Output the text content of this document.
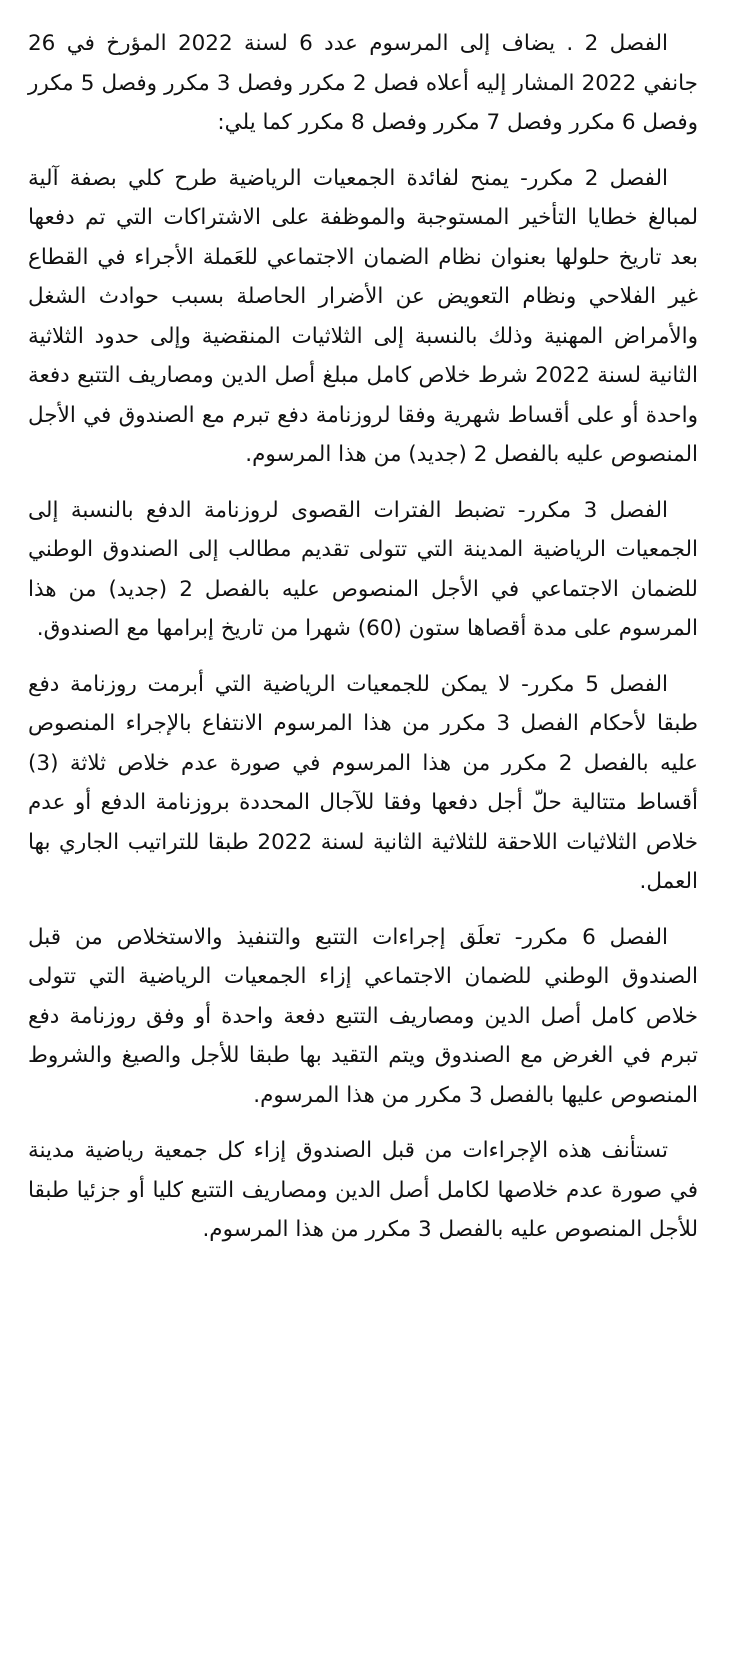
الفصل 2 . يضاف إلى المرسوم عدد 6 لسنة 2022 المؤرخ في 26 جانفي 2022 المشار إليه أعلاه فصل 2 مكرر وفصل 3 مكرر وفصل 5 مكرر وفصل 6 مكرر وفصل 7 مكرر وفصل 8 مكرر كما يلي:

الفصل 2 مكرر- يمنح لفائدة الجمعيات الرياضية طرح كلي بصفة آلية لمبالغ خطايا التأخير المستوجبة والموظفة على الاشتراكات التي تم دفعها بعد تاريخ حلولها بعنوان نظام الضمان الاجتماعي للعَملة الأجراء في القطاع غير الفلاحي ونظام التعويض عن الأضرار الحاصلة بسبب حوادث الشغل والأمراض المهنية وذلك بالنسبة إلى الثلاثيات المنقضية وإلى حدود الثلاثية الثانية لسنة 2022 شرط خلاص كامل مبلغ أصل الدين ومصاريف التتبع دفعة واحدة أو على أقساط شهرية وفقا لروزنامة دفع تبرم مع الصندوق في الأجل المنصوص عليه بالفصل 2 (جديد) من هذا المرسوم.

الفصل 3 مكرر- تضبط الفترات القصوى لروزنامة الدفع بالنسبة إلى الجمعيات الرياضية المدينة التي تتولى تقديم مطالب إلى الصندوق الوطني للضمان الاجتماعي في الأجل المنصوص عليه بالفصل 2 (جديد) من هذا المرسوم على مدة أقصاها ستون (60) شهرا من تاريخ إبرامها مع الصندوق.

الفصل 5 مكرر- لا يمكن للجمعيات الرياضية التي أبرمت روزنامة دفع طبقا لأحكام الفصل 3 مكرر من هذا المرسوم الانتفاع بالإجراء المنصوص عليه بالفصل 2 مكرر من هذا المرسوم في صورة عدم خلاص ثلاثة (3) أقساط متتالية حلّ أجل دفعها وفقا للآجال المحددة بروزنامة الدفع أو عدم خلاص الثلاثيات اللاحقة للثلاثية الثانية لسنة 2022 طبقا للتراتيب الجاري بها العمل.

الفصل 6 مكرر- تعلَق إجراءات التتبع والتنفيذ والاستخلاص من قبل الصندوق الوطني للضمان الاجتماعي إزاء الجمعيات الرياضية التي تتولى خلاص كامل أصل الدين ومصاريف التتبع دفعة واحدة أو وفق روزنامة دفع تبرم في الغرض مع الصندوق ويتم التقيد بها طبقا للأجل والصيغ والشروط المنصوص عليها بالفصل 3 مكرر من هذا المرسوم.

تستأنف هذه الإجراءات من قبل الصندوق إزاء كل جمعية رياضية مدينة في صورة عدم خلاصها لكامل أصل الدين ومصاريف التتبع كليا أو جزئيا طبقا للأجل المنصوص عليه بالفصل 3 مكرر من هذا المرسوم.
